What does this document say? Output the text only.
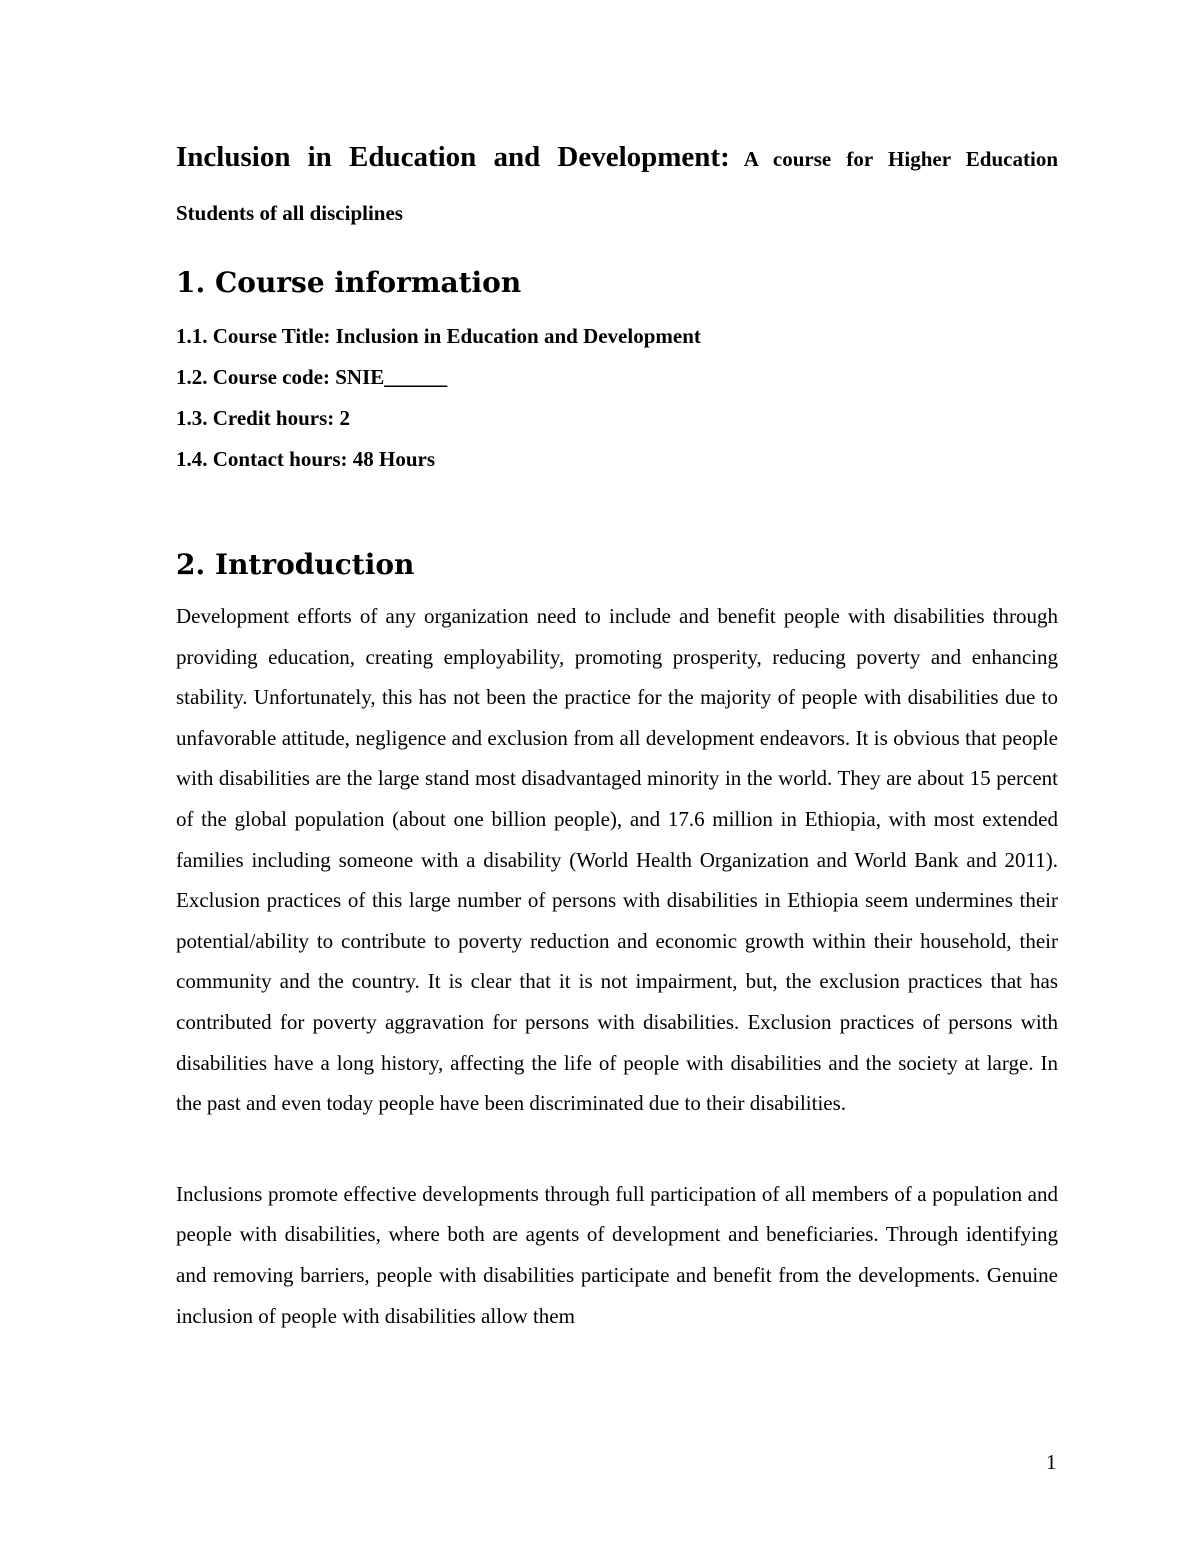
Inclusion in Education and Development: A course for Higher Education

Students of all disciplines

1. Course information
1.1. Course Title: Inclusion in Education and Development
1.2. Course code: SNIE______
1.3. Credit hours: 2
1.4. Contact hours: 48 Hours
2. Introduction

Development efforts of any organization need to include and benefit people with disabilities through providing education, creating employability, promoting prosperity, reducing poverty and enhancing stability. Unfortunately, this has not been the practice for the majority of people with disabilities due to unfavorable attitude, negligence and exclusion from all development endeavors. It is obvious that people with disabilities are the large stand most disadvantaged minority in the world. They are about 15 percent of the global population (about one billion people), and 17.6 million in Ethiopia, with most extended families including someone with a disability (World Health Organization and World Bank and 2011). Exclusion practices of this large number of persons with disabilities in Ethiopia seem undermines their potential/ability to contribute to poverty reduction and economic growth within their household, their community and the country. It is clear that it is not impairment, but, the exclusion practices that has contributed for poverty aggravation for persons with disabilities. Exclusion practices of persons with disabilities have a long history, affecting the life of people with disabilities and the society at large. In the past and even today people have been discriminated due to their disabilities.

Inclusions promote effective developments through full participation of all members of a population and people with disabilities, where both are agents of development and beneficiaries. Through identifying and removing barriers, people with disabilities participate and benefit from the developments. Genuine inclusion of people with disabilities allow them

1
